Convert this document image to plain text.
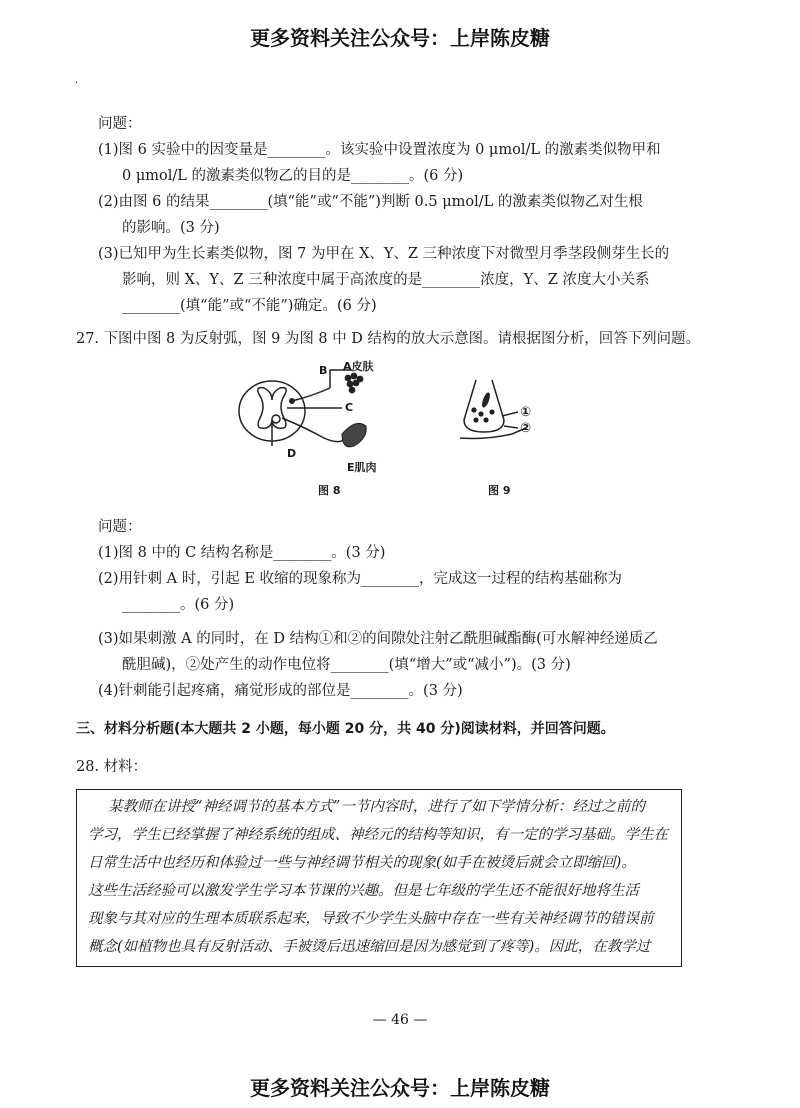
更多资料关注公众号：上岸陈皮糖
·
问题：
(1)图 6 实验中的因变量是________。该实验中设置浓度为 0 μmol/L 的激素类似物甲和
0 μmol/L 的激素类似物乙的目的是________。(6 分)
(2)由图 6 的结果________(填“能”或“不能”)判断 0.5 μmol/L 的激素类似物乙对生根
的影响。(3 分)
(3)已知甲为生长素类似物，图 7 为甲在 X、Y、Z 三种浓度下对微型月季茎段侧芽生长的
影响，则 X、Y、Z 三种浓度中属于高浓度的是________浓度，Y、Z 浓度大小关系
________(填“能”或“不能”)确定。(6 分)
27. 下图中图 8 为反射弧，图 9 为图 8 中 D 结构的放大示意图。请根据图分析，回答下列问题。
A皮肤
B
C
D
E肌肉
图 8
①
②
图 9
问题：
(1)图 8 中的 C 结构名称是________。(3 分)
(2)用针刺 A 时，引起 E 收缩的现象称为________，完成这一过程的结构基础称为
________。(6 分)
(3)如果刺激 A 的同时，在 D 结构①和②的间隙处注射乙酰胆碱酯酶(可水解神经递质乙
酰胆碱)，②处产生的动作电位将________(填“增大”或“减小”)。(3 分)
(4)针刺能引起疼痛，痛觉形成的部位是________。(3 分)
三、材料分析题(本大题共 2 小题，每小题 20 分，共 40 分)阅读材料，并回答问题。
28. 材料：
某教师在讲授“神经调节的基本方式”一节内容时，进行了如下学情分析：经过之前的
学习，学生已经掌握了神经系统的组成、神经元的结构等知识，有一定的学习基础。学生在
日常生活中也经历和体验过一些与神经调节相关的现象(如手在被烫后就会立即缩回)。
这些生活经验可以激发学生学习本节课的兴趣。但是七年级的学生还不能很好地将生活
现象与其对应的生理本质联系起来，导致不少学生头脑中存在一些有关神经调节的错误前
概念(如植物也具有反射活动、手被烫后迅速缩回是因为感觉到了疼等)。因此，在教学过
— 46 —
更多资料关注公众号：上岸陈皮糖
